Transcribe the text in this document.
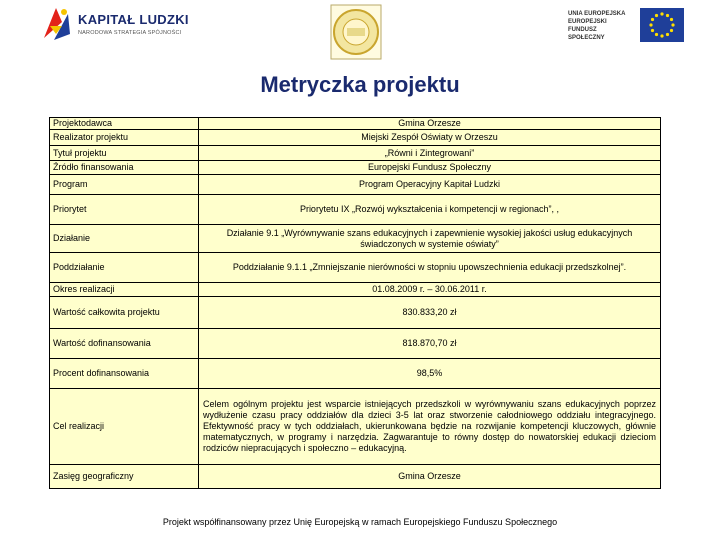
KAPITAŁ LUDZKI
NARODOWA STRATEGIA SPÓJNOŚCI
UNIA EUROPEJSKA
EUROPEJSKI
FUNDUSZ SPOŁECZNY
Metryczka projektu
Projektodawca	Gmina Orzesze
Realizator projektu	Miejski Zespół Oświaty w Orzeszu
Tytuł projektu	„Równi i Zintegrowani”
Źródło finansowania	Europejski Fundusz Społeczny
Program	Program Operacyjny Kapitał Ludzki
Priorytet	Priorytetu IX „Rozwój wykształcenia i kompetencji w regionach”, ,
Działanie	Działanie 9.1 „Wyrównywanie szans edukacyjnych i zapewnienie wysokiej jakości usług edukacyjnych świadczonych w systemie oświaty”
Poddziałanie	Poddziałanie 9.1.1 „Zmniejszanie nierówności w stopniu upowszechnienia edukacji przedszkolnej”.
Okres realizacji	01.08.2009 r. – 30.06.2011 r.
Wartość całkowita projektu	830.833,20 zł
Wartość dofinansowania	818.870,70 zł
Procent dofinansowania	98,5%
Cel realizacji	Celem ogólnym projektu jest wsparcie istniejących przedszkoli w wyrównywaniu szans edukacyjnych poprzez wydłużenie czasu pracy oddziałów dla dzieci 3-5 lat oraz stworzenie całodniowego oddziału integracyjnego. Efektywność pracy w tych oddziałach, ukierunkowana będzie na rozwijanie kompetencji kluczowych, głównie matematycznych, w programy i narzędzia. Zagwarantuje to równy dostęp do nowatorskiej edukacji dzieciom rodziców niepracujących i społeczno – edukacyjną.
Zasięg geograficzny	Gmina Orzesze
Projekt współfinansowany przez Unię Europejską w ramach Europejskiego Funduszu Społecznego
